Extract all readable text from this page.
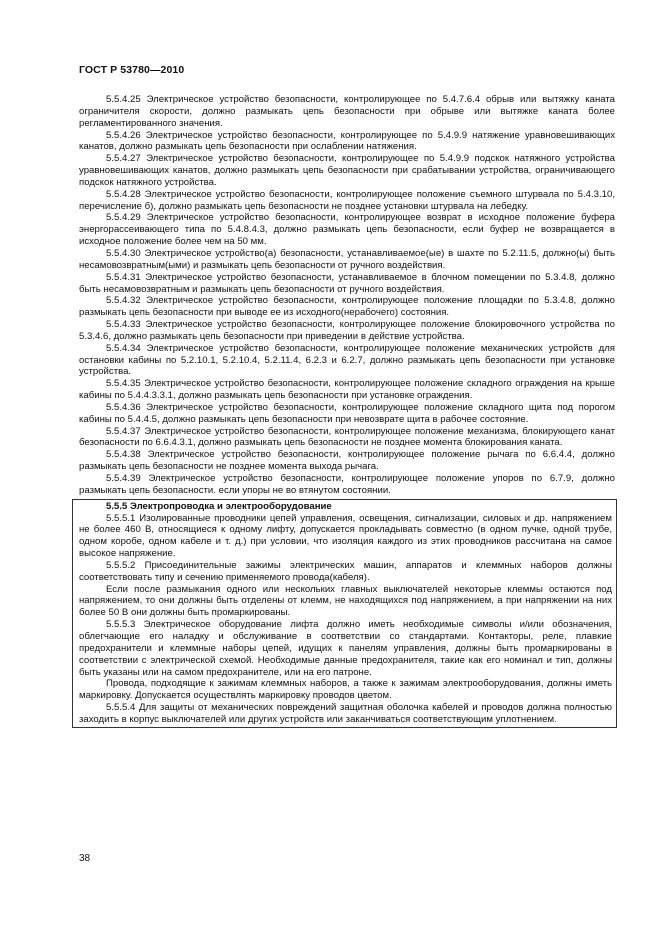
ГОСТ Р 53780—2010

5.5.4.25 Электрическое устройство безопасности, контролирующее по 5.4.7.6.4 обрыв или вытяжку каната ограничителя скорости, должно размыкать цепь безопасности при обрыве или вытяжке каната более регламентированного значения.

5.5.4.26 Электрическое устройство безопасности, контролирующее по 5.4.9.9 натяжение уравновешивающих канатов, должно размыкать цепь безопасности при ослаблении натяжения.

5.5.4.27 Электрическое устройство безопасности, контролирующее по 5.4.9.9 подскок натяжного устройства уравновешивающих канатов, должно размыкать цепь безопасности при срабатывании устройства, ограничивающего подскок натяжного устройства.

5.5.4.28 Электрическое устройство безопасности, контролирующее положение съемного штурвала по 5.4.3.10, перечисление б), должно размыкать цепь безопасности не позднее установки штурвала на лебедку.

5.5.4.29 Электрическое устройство безопасности, контролирующее возврат в исходное положение буфера энергорассеивающего типа по 5.4.8.4.3, должно размыкать цепь безопасности, если буфер не возвращается в исходное положение более чем на 50 мм.

5.5.4.30 Электрическое устройство(а) безопасности, устанавливаемое(ые) в шахте по 5.2.11.5, должно(ы) быть несамовозвратным(ыми) и размыкать цепь безопасности от ручного воздействия.

5.5.4.31 Электрическое устройство безопасности, устанавливаемое в блочном помещении по 5.3.4.8, должно быть несамовозвратным и размыкать цепь безопасности от ручного воздействия.

5.5.4.32 Электрическое устройство безопасности, контролирующее положение площадки по 5.3.4.8, должно размыкать цепь безопасности при выводе ее из исходного(нерабочего) состояния.

5.5.4.33 Электрическое устройство безопасности, контролирующее положение блокировочного устройства по 5.3.4.6, должно размыкать цепь безопасности при приведении в действие устройства.

5.5.4.34 Электрическое устройство безопасности, контролирующее положение механических устройств для остановки кабины по 5.2.10.1, 5.2.10.4, 5.2.11.4, 6.2.3 и 6.2.7, должно размыкать цепь безопасности при установке устройства.

5.5.4.35 Электрическое устройство безопасности, контролирующее положение складного ограждения на крыше кабины по 5.4.4.3.3.1, должно размыкать цепь безопасности при установке ограждения.

5.5.4.36 Электрическое устройство безопасности, контролирующее положение складного щита под порогом кабины по 5.4.4.5, должно размыкать цепь безопасности при невозврате щита в рабочее состояние.

5.5.4.37 Электрическое устройство безопасности, контролирующее положение механизма, блокирующего канат безопасности по 6.6.4.3.1, должно размыкать цепь безопасности не позднее момента блокирования каната.

5.5.4.38 Электрическое устройство безопасности, контролирующее положение рычага по 6.6.4.4, должно размыкать цепь безопасности не позднее момента выхода рычага.

5.5.4.39 Электрическое устройство безопасности, контролирующее положение упоров по 6.7.9, должно размыкать цепь безопасности. если упоры не во втянутом состоянии.

5.5.5 Электропроводка и электрооборудование

5.5.5.1 Изолированные проводники цепей управления, освещения, сигнализации, силовых и др. напряжением не более 460 В, относящиеся к одному лифту, допускается прокладывать совместно (в одном пучке, одной трубе, одном коробе, одном кабеле и т. д.) при условии, что изоляция каждого из этих проводников рассчитана на самое высокое напряжение.

5.5.5.2 Присоединительные зажимы электрических машин, аппаратов и клеммных наборов должны соответствовать типу и сечению применяемого провода(кабеля).

Если после размыкания одного или нескольких главных выключателей некоторые клеммы остаются под напряжением, то они должны быть отделены от клемм, не находящихся под напряжением, а при напряжении на них более 50 В они должны быть промаркированы.

5.5.5.3 Электрическое оборудование лифта должно иметь необходимые символы и/или обозначения, облегчающие его наладку и обслуживание в соответствии со стандартами. Контакторы, реле, плавкие предохранители и клеммные наборы цепей, идущих к панелям управления, должны быть промаркированы в соответствии с электрической схемой. Необходимые данные предохранителя, такие как его номинал и тип, должны быть указаны или на самом предохранителе, или на его патроне.

Провода, подходящие к зажимам клеммных наборов, а также к зажимам электрооборудования, должны иметь маркировку. Допускается осуществлять маркировку проводов цветом.

5.5.5.4 Для защиты от механических повреждений защитная оболочка кабелей и проводов должна полностью заходить в корпус выключателей или других устройств или заканчиваться соответствующим уплотнением.

38
